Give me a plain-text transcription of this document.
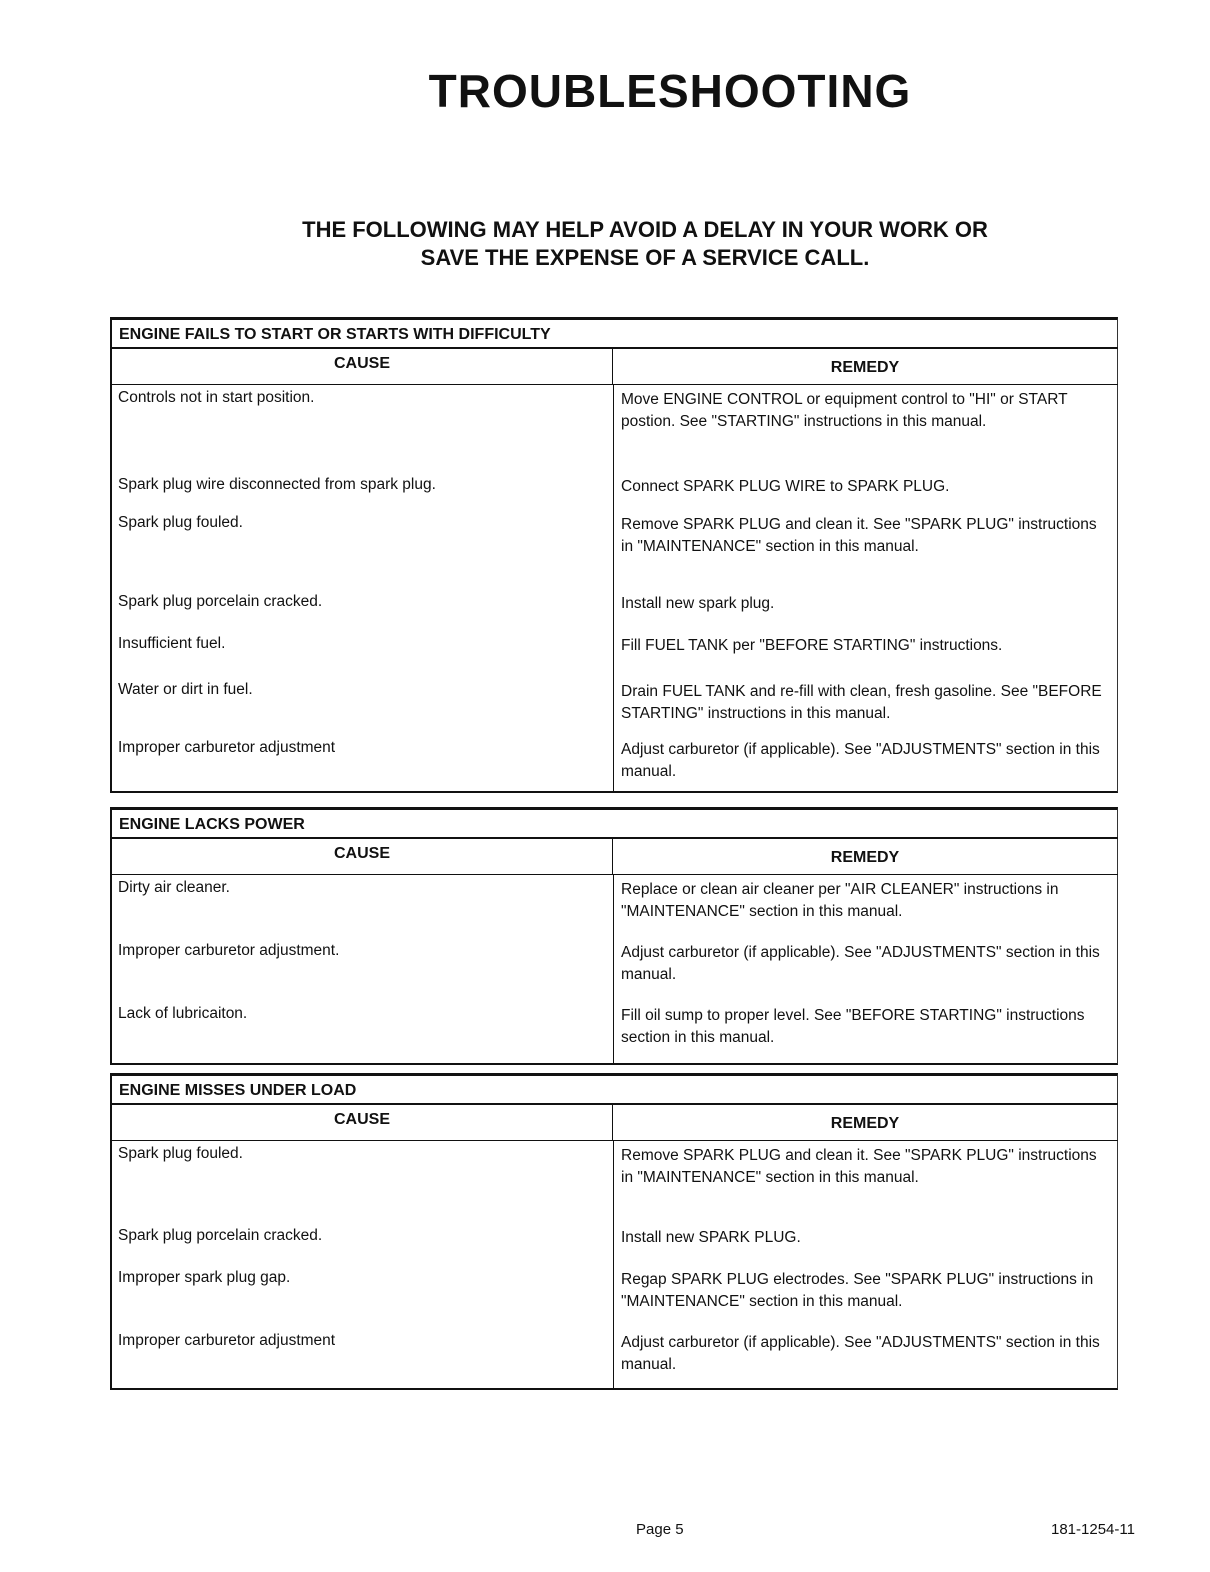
TROUBLESHOOTING
THE FOLLOWING MAY HELP AVOID A DELAY IN YOUR WORK OR
SAVE THE EXPENSE OF A SERVICE CALL.
ENGINE FAILS TO START OR STARTS WITH DIFFICULTY
CAUSE	REMEDY
Controls not in start position.	Move ENGINE CONTROL or equipment control to "HI" or START postion. See "STARTING" instructions in this manual.
Spark plug wire disconnected from spark plug.	Connect SPARK PLUG WIRE to SPARK PLUG.
Spark plug fouled.	Remove SPARK PLUG and clean it. See "SPARK PLUG" instructions in "MAINTENANCE" section in this manual.
Spark plug porcelain cracked.	Install new spark plug.
Insufficient fuel.	Fill FUEL TANK per "BEFORE STARTING" instructions.
Water or dirt in fuel.	Drain FUEL TANK and re-fill with clean, fresh gasoline. See "BEFORE STARTING" instructions in this manual.
Improper carburetor adjustment	Adjust carburetor (if applicable). See "ADJUSTMENTS" section in this manual.
ENGINE LACKS POWER
CAUSE	REMEDY
Dirty air cleaner.	Replace or clean air cleaner per "AIR CLEANER" instructions in "MAINTENANCE" section in this manual.
Improper carburetor adjustment.	Adjust carburetor (if applicable). See "ADJUSTMENTS" section in this manual.
Lack of lubricaiton.	Fill oil sump to proper level. See "BEFORE STARTING" instructions section in this manual.
ENGINE MISSES UNDER LOAD
CAUSE	REMEDY
Spark plug fouled.	Remove SPARK PLUG and clean it. See "SPARK PLUG" instructions in "MAINTENANCE" section in this manual.
Spark plug porcelain cracked.	Install new SPARK PLUG.
Improper spark plug gap.	Regap SPARK PLUG electrodes. See "SPARK PLUG" instructions in "MAINTENANCE" section in this manual.
Improper carburetor adjustment	Adjust carburetor (if applicable). See "ADJUSTMENTS" section in this manual.
Page 5	181-1254-11
